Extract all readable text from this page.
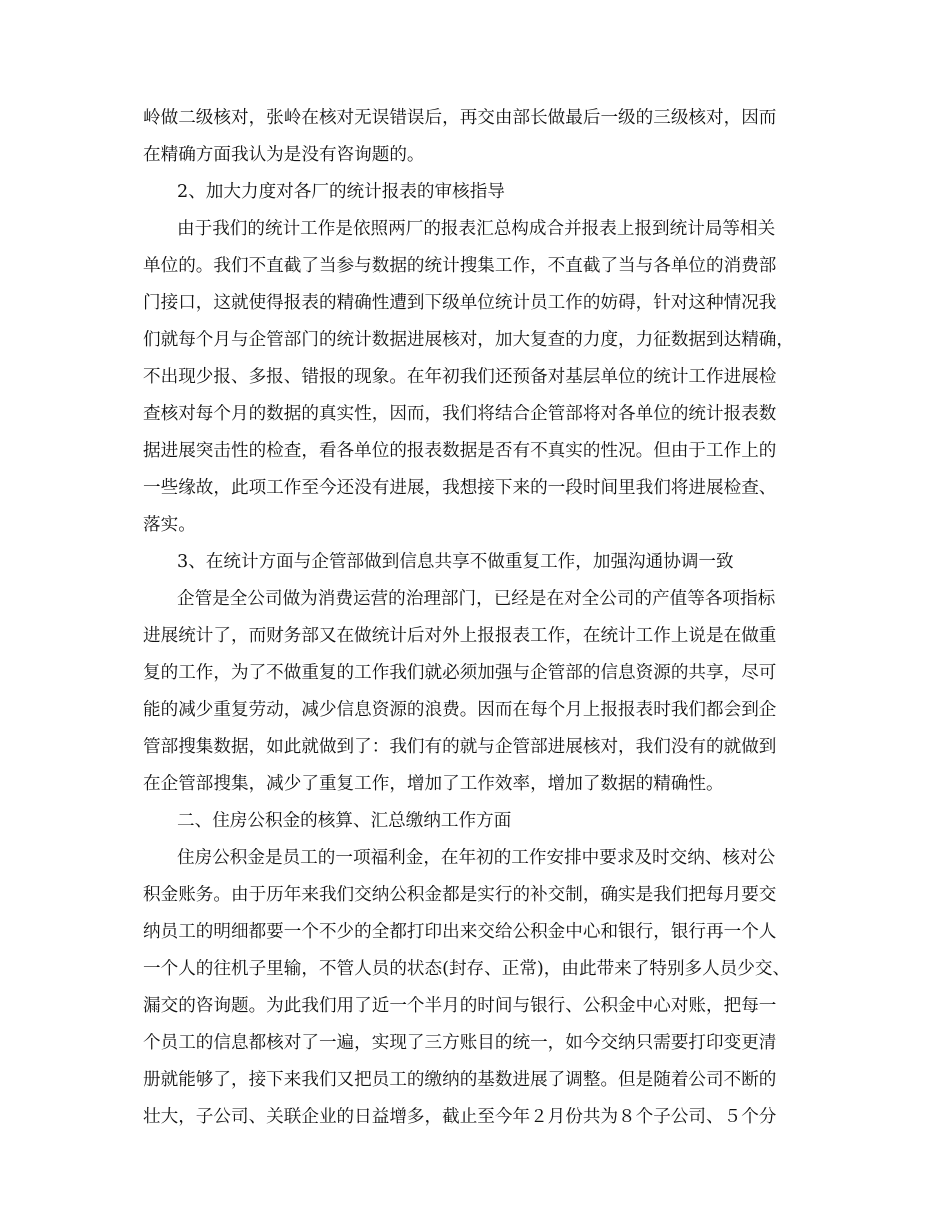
岭做二级核对，张岭在核对无误错误后，再交由部长做最后一级的三级核对，因而
在精确方面我认为是没有咨询题的。
2、加大力度对各厂的统计报表的审核指导
由于我们的统计工作是依照两厂的报表汇总构成合并报表上报到统计局等相关
单位的。我们不直截了当参与数据的统计搜集工作，不直截了当与各单位的消费部
门接口，这就使得报表的精确性遭到下级单位统计员工作的妨碍，针对这种情况我
们就每个月与企管部门的统计数据进展核对，加大复查的力度，力征数据到达精确，
不出现少报、多报、错报的现象。在年初我们还预备对基层单位的统计工作进展检
查核对每个月的数据的真实性，因而，我们将结合企管部将对各单位的统计报表数
据进展突击性的检查，看各单位的报表数据是否有不真实的性况。但由于工作上的
一些缘故，此项工作至今还没有进展，我想接下来的一段时间里我们将进展检查、
落实。
3、在统计方面与企管部做到信息共享不做重复工作，加强沟通协调一致
企管是全公司做为消费运营的治理部门，已经是在对全公司的产值等各项指标
进展统计了，而财务部又在做统计后对外上报报表工作，在统计工作上说是在做重
复的工作，为了不做重复的工作我们就必须加强与企管部的信息资源的共享，尽可
能的减少重复劳动，减少信息资源的浪费。因而在每个月上报报表时我们都会到企
管部搜集数据，如此就做到了：我们有的就与企管部进展核对，我们没有的就做到
在企管部搜集，减少了重复工作，增加了工作效率，增加了数据的精确性。
二、住房公积金的核算、汇总缴纳工作方面
住房公积金是员工的一项福利金，在年初的工作安排中要求及时交纳、核对公
积金账务。由于历年来我们交纳公积金都是实行的补交制，确实是我们把每月要交
纳员工的明细都要一个不少的全都打印出来交给公积金中心和银行，银行再一个人
一个人的往机子里输，不管人员的状态(封存、正常)，由此带来了特别多人员少交、
漏交的咨询题。为此我们用了近一个半月的时间与银行、公积金中心对账，把每一
个员工的信息都核对了一遍，实现了三方账目的统一，如今交纳只需要打印变更清
册就能够了，接下来我们又把员工的缴纳的基数进展了调整。但是随着公司不断的
壮大，子公司、关联企业的日益增多，截止至今年２月份共为８个子公司、５个分
